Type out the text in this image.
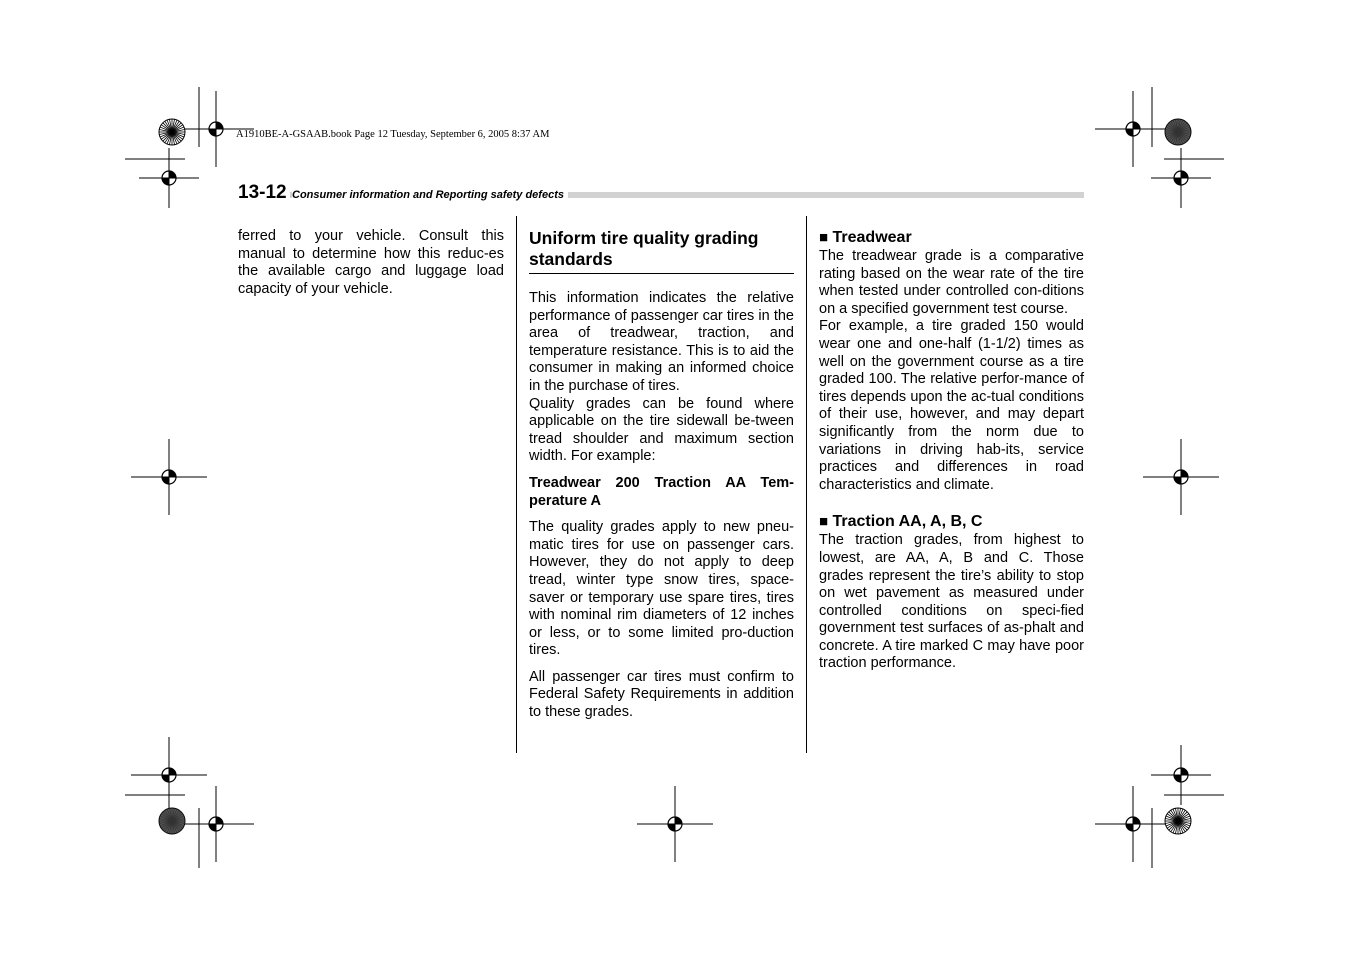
A1910BE-A-GSAAB.book Page 12 Tuesday, September 6, 2005 8:37 AM
13-12 Consumer information and Reporting safety defects

ferred to your vehicle. Consult this manual to determine how this reduc-es the available cargo and luggage load capacity of your vehicle.

Uniform tire quality grading standards

This information indicates the relative performance of passenger car tires in the area of treadwear, traction, and temperature resistance. This is to aid the consumer in making an informed choice in the purchase of tires.

Quality grades can be found where applicable on the tire sidewall be-tween tread shoulder and maximum section width. For example:

Treadwear 200 Traction AA Tem-perature A

The quality grades apply to new pneu-matic tires for use on passenger cars. However, they do not apply to deep tread, winter type snow tires, space-saver or temporary use spare tires, tires with nominal rim diameters of 12 inches or less, or to some limited pro-duction tires.

All passenger car tires must confirm to Federal Safety Requirements in addition to these grades.

■ Treadwear

The treadwear grade is a comparative rating based on the wear rate of the tire when tested under controlled con-ditions on a specified government test course.

For example, a tire graded 150 would wear one and one-half (1-1/2) times as well on the government course as a tire graded 100. The relative perfor-mance of tires depends upon the ac-tual conditions of their use, however, and may depart significantly from the norm due to variations in driving hab-its, service practices and differences in road characteristics and climate.

■ Traction AA, A, B, C

The traction grades, from highest to lowest, are AA, A, B and C. Those grades represent the tire’s ability to stop on wet pavement as measured under controlled conditions on speci-fied government test surfaces of as-phalt and concrete. A tire marked C may have poor traction performance.
